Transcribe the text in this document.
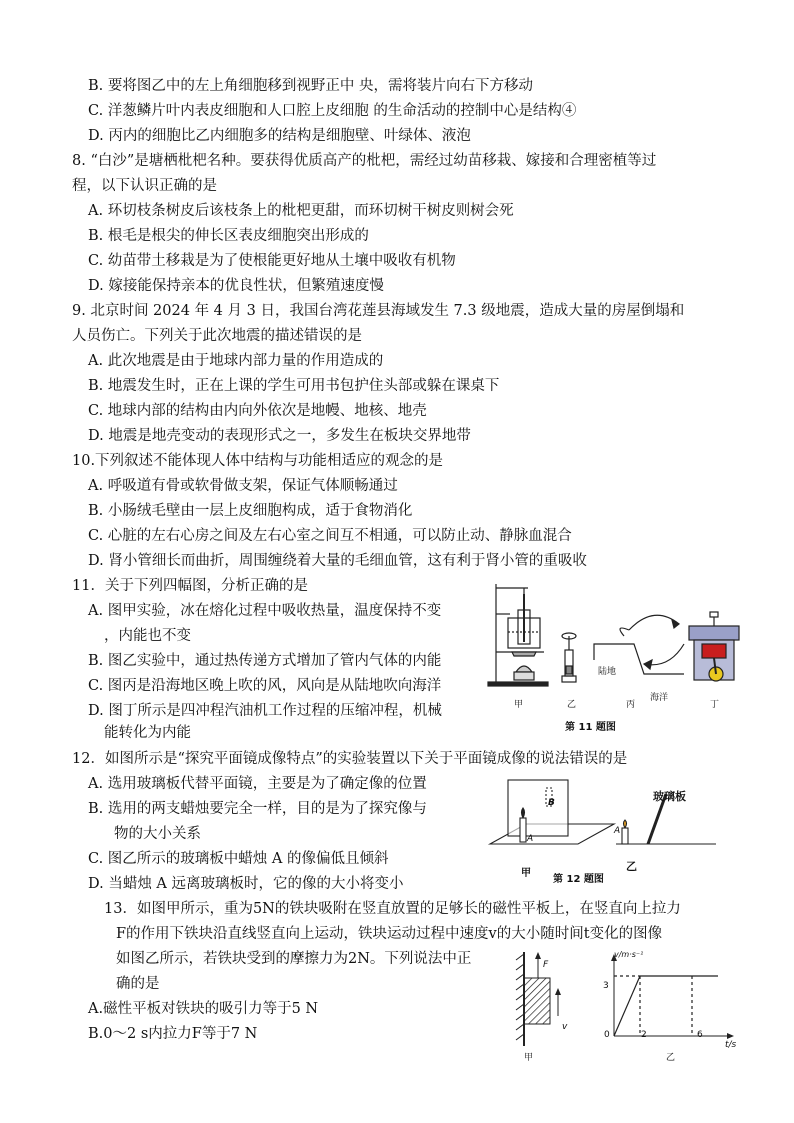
B. 要将图乙中的左上角细胞移到视野正中 央，需将装片向右下方移动
C. 洋葱鳞片叶内表皮细胞和人口腔上皮细胞 的生命活动的控制中心是结构④
D. 丙内的细胞比乙内细胞多的结构是细胞壁、叶绿体、液泡
8. “白沙”是塘栖枇杷名种。要获得优质高产的枇杷，需经过幼苗移栽、嫁接和合理密植等过
程，以下认识正确的是
A. 环切枝条树皮后该枝条上的枇杷更甜，而环切树干树皮则树会死
B. 根毛是根尖的伸长区表皮细胞突出形成的
C. 幼苗带土移栽是为了使根能更好地从土壤中吸收有机物
D. 嫁接能保持亲本的优良性状，但繁殖速度慢
9. 北京时间 2024 年 4 月 3 日，我国台湾花莲县海域发生 7.3 级地震，造成大量的房屋倒塌和
人员伤亡。下列关于此次地震的描述错误的是
A. 此次地震是由于地球内部力量的作用造成的
B. 地震发生时，正在上课的学生可用书包护住头部或躲在课桌下
C. 地球内部的结构由内向外依次是地幔、地核、地壳
D. 地震是地壳变动的表现形式之一，多发生在板块交界地带
10.下列叙述不能体现人体中结构与功能相适应的观念的是
A. 呼吸道有骨或软骨做支架，保证气体顺畅通过
B. 小肠绒毛壁由一层上皮细胞构成，适于食物消化
C. 心脏的左右心房之间及左右心室之间互不相通，可以防止动、静脉血混合
D. 肾小管细长而曲折，周围缠绕着大量的毛细血管，这有利于肾小管的重吸收
11．关于下列四幅图，分析正确的是
A. 图甲实验，冰在熔化过程中吸收热量，温度保持不变
，内能也不变
B. 图乙实验中，通过热传递方式增加了管内气体的内能
C. 图丙是沿海地区晚上吹的风，风向是从陆地吹向海洋
D. 图丁所示是四冲程汽油机工作过程的压缩冲程，机械
能转化为内能
甲	乙	丙	丁
陆地
海洋
第 11 题图
12．如图所示是“探究平面镜成像特点”的实验装置以下关于平面镜成像的说法错误的是
A. 选用玻璃板代替平面镜，主要是为了确定像的位置
B. 选用的两支蜡烛要完全一样，目的是为了探究像与
物的大小关系
C. 图乙所示的玻璃板中蜡烛 A 的像偏低且倾斜
D. 当蜡烛 A 远离玻璃板时，它的像的大小将变小
B
A
A
玻璃板
甲
乙
第 12 题图
13．如图甲所示，重为5N的铁块吸附在竖直放置的足够长的磁性平板上，在竖直向上拉力
F的作用下铁块沿直线竖直向上运动，铁块运动过程中速度v的大小随时间t变化的图像
如图乙所示，若铁块受到的摩擦力为2N。下列说法中正
确的是
A.磁性平板对铁块的吸引力等于5 N
B.0～2 s内拉力F等于7 N
F
v
甲
v/m·s⁻¹
t/s
3
0	2	6
乙
